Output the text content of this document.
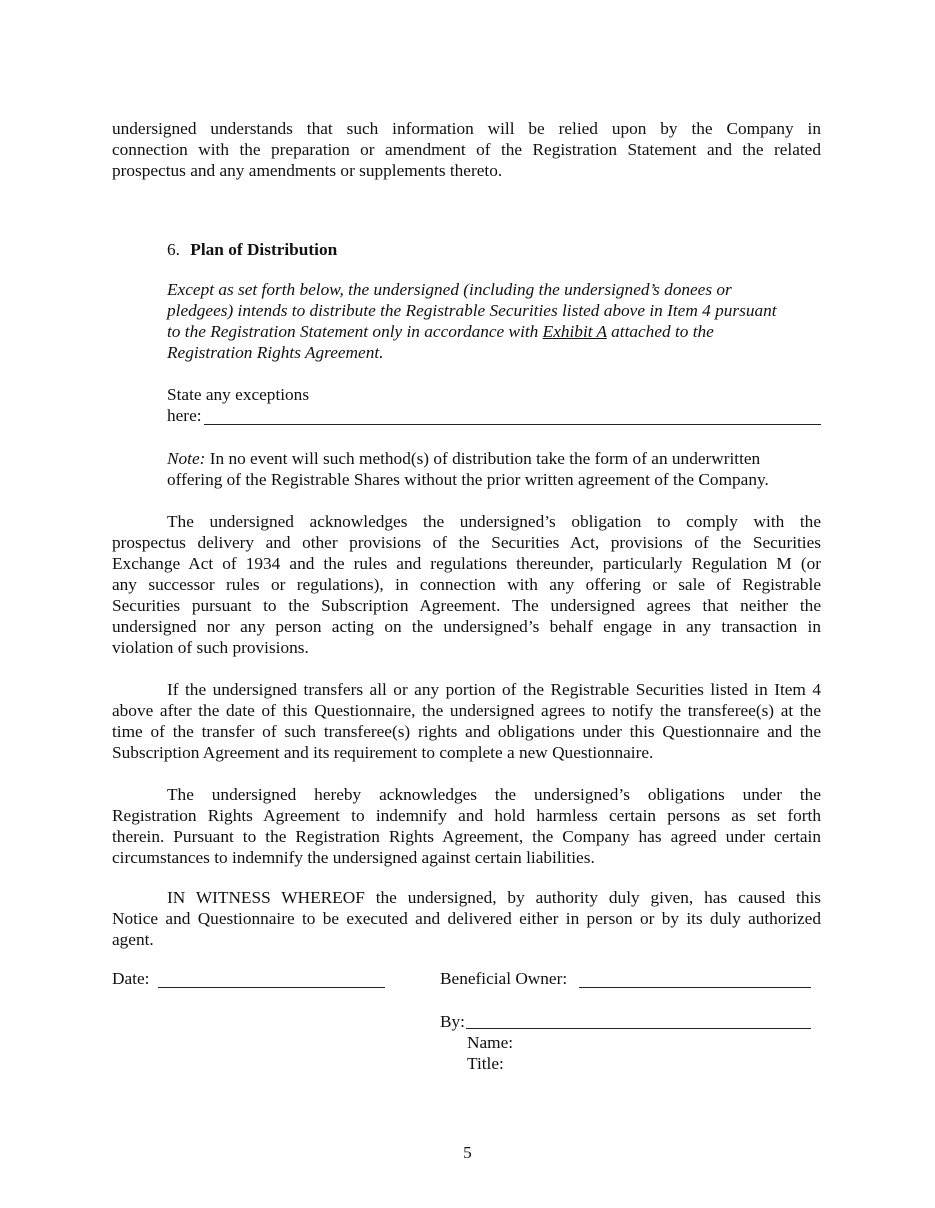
undersigned understands that such information will be relied upon by the Company in
connection with the preparation or amendment of the Registration Statement and the related
prospectus and any amendments or supplements thereto.
6. Plan of Distribution
Except as set forth below, the undersigned (including the undersigned’s donees or
pledgees) intends to distribute the Registrable Securities listed above in Item 4 pursuant
to the Registration Statement only in accordance with Exhibit A attached to the
Registration Rights Agreement.
State any exceptions
here:
Note: In no event will such method(s) of distribution take the form of an underwritten
offering of the Registrable Shares without the prior written agreement of the Company.
The undersigned acknowledges the undersigned’s obligation to comply with the
prospectus delivery and other provisions of the Securities Act, provisions of the Securities
Exchange Act of 1934 and the rules and regulations thereunder, particularly Regulation M (or
any successor rules or regulations), in connection with any offering or sale of Registrable
Securities pursuant to the Subscription Agreement. The undersigned agrees that neither the
undersigned nor any person acting on the undersigned’s behalf engage in any transaction in
violation of such provisions.
If the undersigned transfers all or any portion of the Registrable Securities listed in Item 4
above after the date of this Questionnaire, the undersigned agrees to notify the transferee(s) at the
time of the transfer of such transferee(s) rights and obligations under this Questionnaire and the
Subscription Agreement and its requirement to complete a new Questionnaire.
The undersigned hereby acknowledges the undersigned’s obligations under the
Registration Rights Agreement to indemnify and hold harmless certain persons as set forth
therein. Pursuant to the Registration Rights Agreement, the Company has agreed under certain
circumstances to indemnify the undersigned against certain liabilities.
IN WITNESS WHEREOF the undersigned, by authority duly given, has caused this
Notice and Questionnaire to be executed and delivered either in person or by its duly authorized
agent.
Date:	Beneficial Owner:
By:
Name:
Title:
5
